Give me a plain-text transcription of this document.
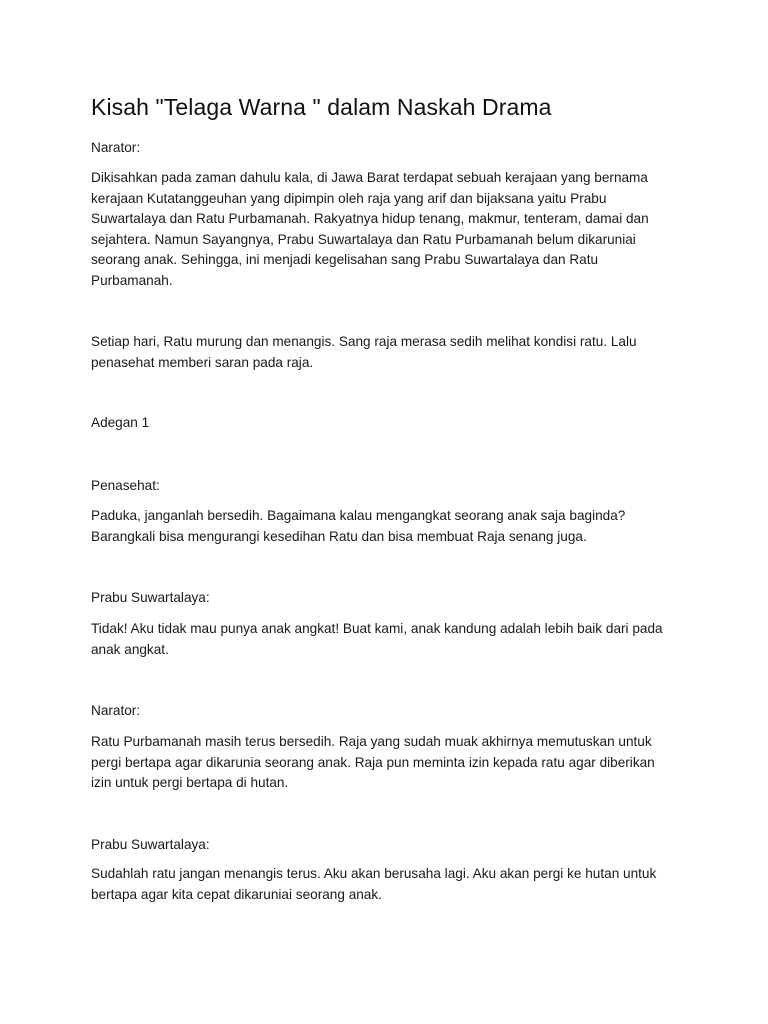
Kisah "Telaga Warna " dalam Naskah Drama

Narator:

Dikisahkan pada zaman dahulu kala, di Jawa Barat terdapat sebuah kerajaan yang bernama
kerajaan Kutatanggeuhan yang dipimpin oleh raja yang arif dan bijaksana yaitu Prabu
Suwartalaya dan Ratu Purbamanah. Rakyatnya hidup tenang, makmur, tenteram, damai dan
sejahtera. Namun Sayangnya, Prabu Suwartalaya dan Ratu Purbamanah belum dikaruniai
seorang anak. Sehingga, ini menjadi kegelisahan sang Prabu Suwartalaya dan Ratu
Purbamanah.

Setiap hari, Ratu murung dan menangis. Sang raja merasa sedih melihat kondisi ratu. Lalu
penasehat memberi saran pada raja.

Adegan 1

Penasehat:

Paduka, janganlah bersedih. Bagaimana kalau mengangkat seorang anak saja baginda?
Barangkali bisa mengurangi kesedihan Ratu dan bisa membuat Raja senang juga.

Prabu Suwartalaya:

Tidak! Aku tidak mau punya anak angkat! Buat kami, anak kandung adalah lebih baik dari pada
anak angkat.

Narator:

Ratu Purbamanah masih terus bersedih. Raja yang sudah muak akhirnya memutuskan untuk
pergi bertapa agar dikarunia seorang anak. Raja pun meminta izin kepada ratu agar diberikan
izin untuk pergi bertapa di hutan.

Prabu Suwartalaya:

Sudahlah ratu jangan menangis terus. Aku akan berusaha lagi. Aku akan pergi ke hutan untuk
bertapa agar kita cepat dikaruniai seorang anak.
